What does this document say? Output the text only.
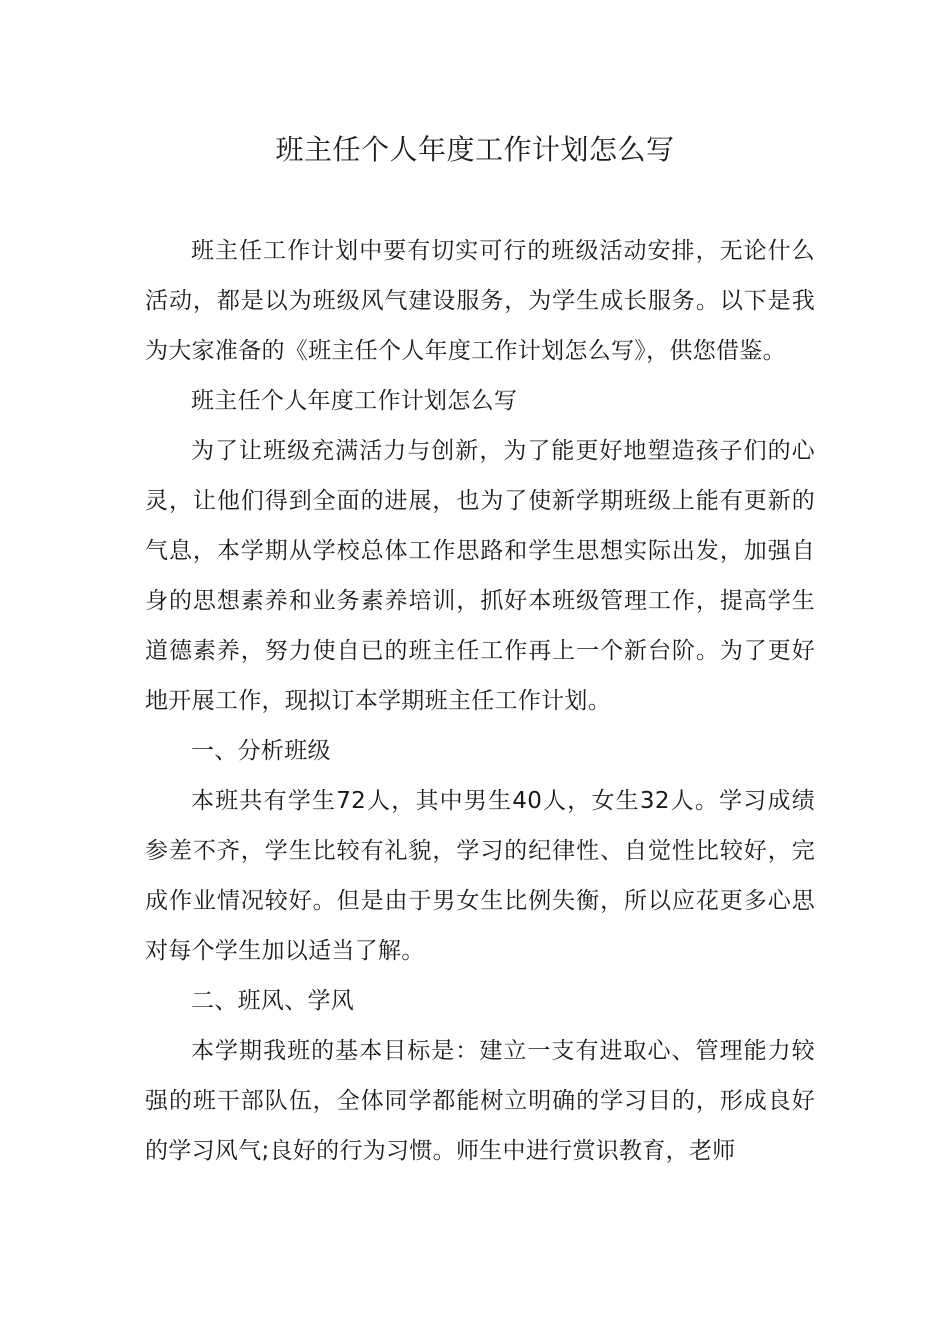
班主任个人年度工作计划怎么写

班主任工作计划中要有切实可行的班级活动安排，无论什么活动，都是以为班级风气建设服务，为学生成长服务。以下是我为大家准备的《班主任个人年度工作计划怎么写》，供您借鉴。

班主任个人年度工作计划怎么写

为了让班级充满活力与创新，为了能更好地塑造孩子们的心灵，让他们得到全面的进展，也为了使新学期班级上能有更新的气息，本学期从学校总体工作思路和学生思想实际出发，加强自身的思想素养和业务素养培训，抓好本班级管理工作，提高学生道德素养，努力使自已的班主任工作再上一个新台阶。为了更好地开展工作，现拟订本学期班主任工作计划。

一、分析班级

本班共有学生72人，其中男生40人，女生32人。学习成绩参差不齐，学生比较有礼貌，学习的纪律性、自觉性比较好，完成作业情况较好。但是由于男女生比例失衡，所以应花更多心思对每个学生加以适当了解。

二、班风、学风

本学期我班的基本目标是：建立一支有进取心、管理能力较强的班干部队伍，全体同学都能树立明确的学习目的，形成良好的学习风气;良好的行为习惯。师生中进行赏识教育，老师
